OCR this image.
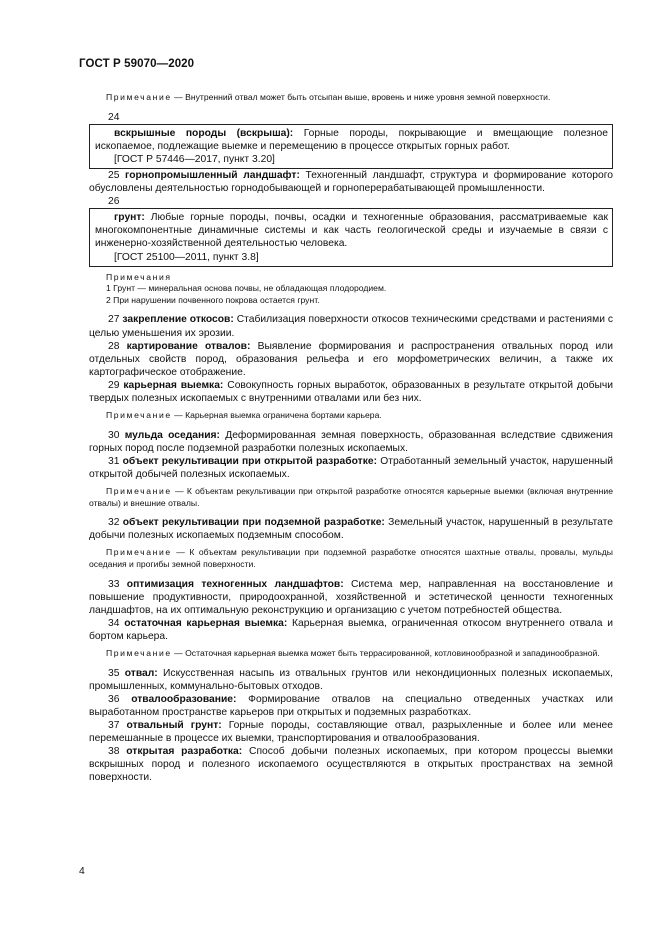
ГОСТ Р 59070—2020

Примечание — Внутренний отвал может быть отсыпан выше, вровень и ниже уровня земной поверхности.

24

вскрышные породы (вскрыша): Горные породы, покрывающие и вмещающие полезное ископаемое, подлежащие выемке и перемещению в процессе открытых горных работ.

[ГОСТ Р 57446—2017, пункт 3.20]

25 горнопромышленный ландшафт: Техногенный ландшафт, структура и формирование которого обусловлены деятельностью горнодобывающей и горноперерабатывающей промышленности.

26

грунт: Любые горные породы, почвы, осадки и техногенные образования, рассматриваемые как многокомпонентные динамичные системы и как часть геологической среды и изучаемые в связи с инженерно-хозяйственной деятельностью человека.

[ГОСТ 25100—2011, пункт 3.8]

Примечания

1 Грунт — минеральная основа почвы, не обладающая плодородием.

2 При нарушении почвенного покрова остается грунт.

27 закрепление откосов: Стабилизация поверхности откосов техническими средствами и растениями с целью уменьшения их эрозии.

28 картирование отвалов: Выявление формирования и распространения отвальных пород или отдельных свойств пород, образования рельефа и его морфометрических величин, а также их картографическое отображение.

29 карьерная выемка: Совокупность горных выработок, образованных в результате открытой добычи твердых полезных ископаемых с внутренними отвалами или без них.

Примечание — Карьерная выемка ограничена бортами карьера.

30 мульда оседания: Деформированная земная поверхность, образованная вследствие сдвижения горных пород после подземной разработки полезных ископаемых.

31 объект рекультивации при открытой разработке: Отработанный земельный участок, нарушенный открытой добычей полезных ископаемых.

Примечание — К объектам рекультивации при открытой разработке относятся карьерные выемки (включая внутренние отвалы) и внешние отвалы.

32 объект рекультивации при подземной разработке: Земельный участок, нарушенный в результате добычи полезных ископаемых подземным способом.

Примечание — К объектам рекультивации при подземной разработке относятся шахтные отвалы, провалы, мульды оседания и прогибы земной поверхности.

33 оптимизация техногенных ландшафтов: Система мер, направленная на восстановление и повышение продуктивности, природоохранной, хозяйственной и эстетической ценности техногенных ландшафтов, на их оптимальную реконструкцию и организацию с учетом потребностей общества.

34 остаточная карьерная выемка: Карьерная выемка, ограниченная откосом внутреннего отвала и бортом карьера.

Примечание — Остаточная карьерная выемка может быть террасированной, котловинообразной и западинообразной.

35 отвал: Искусственная насыпь из отвальных грунтов или некондиционных полезных ископаемых, промышленных, коммунально-бытовых отходов.

36 отвалообразование: Формирование отвалов на специально отведенных участках или выработанном пространстве карьеров при открытых и подземных разработках.

37 отвальный грунт: Горные породы, составляющие отвал, разрыхленные и более или менее перемешанные в процессе их выемки, транспортирования и отвалообразования.

38 открытая разработка: Способ добычи полезных ископаемых, при котором процессы выемки вскрышных пород и полезного ископаемого осуществляются в открытых пространствах на земной поверхности.

4
